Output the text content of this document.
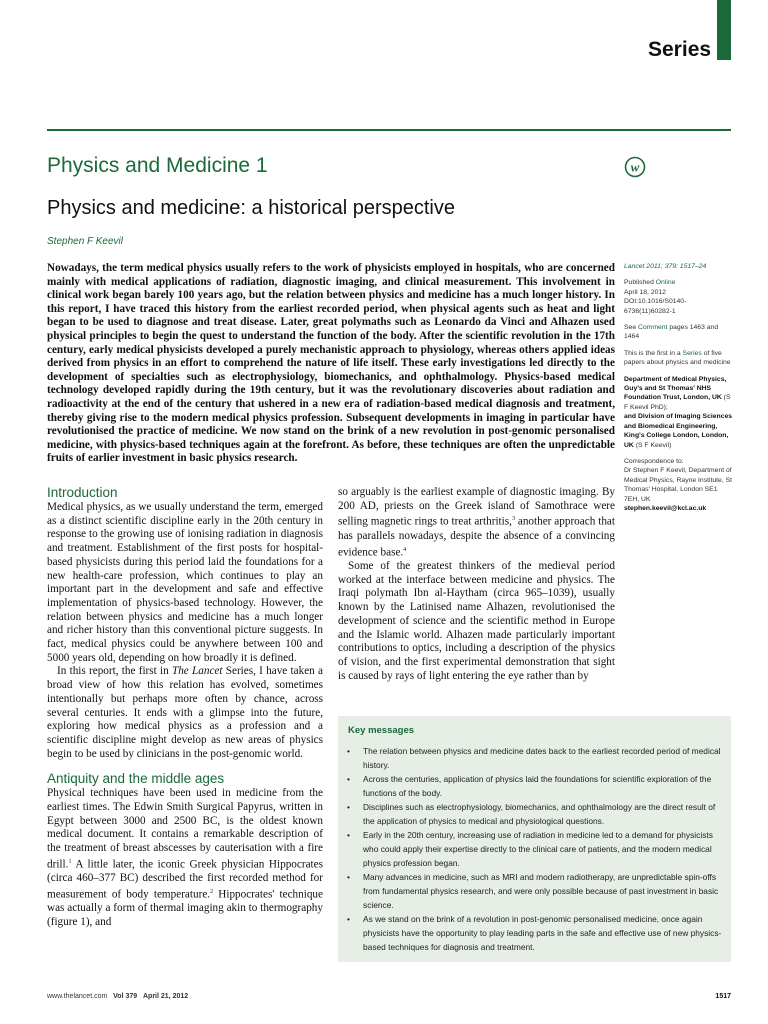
Series
Physics and Medicine 1	w
Physics and medicine: a historical perspective
Stephen F Keevil
Nowadays, the term medical physics usually refers to the work of physicists employed in hospitals, who are concerned mainly with medical applications of radiation, diagnostic imaging, and clinical measurement. This involvement in clinical work began barely 100 years ago, but the relation between physics and medicine has a much longer history. In this report, I have traced this history from the earliest recorded period, when physical agents such as heat and light began to be used to diagnose and treat disease. Later, great polymaths such as Leonardo da Vinci and Alhazen used physical principles to begin the quest to understand the function of the body. After the scientific revolution in the 17th century, early medical physicists developed a purely mechanistic approach to physiology, whereas others applied ideas derived from physics in an effort to comprehend the nature of life itself. These early investigations led directly to the development of specialties such as electrophysiology, biomechanics, and ophthalmology. Physics-based medical technology developed rapidly during the 19th century, but it was the revolutionary discoveries about radiation and radioactivity at the end of the century that ushered in a new era of radiation-based medical diagnosis and treatment, thereby giving rise to the modern medical physics profession. Subsequent developments in imaging in particular have revolutionised the practice of medicine. We now stand on the brink of a new revolution in post-genomic personalised medicine, with physics-based techniques again at the forefront. As before, these techniques are often the unpredictable fruits of earlier investment in basic physics research.
Introduction

Medical physics, as we usually understand the term, emerged as a distinct scientific discipline early in the 20th century in response to the growing use of ionising radiation in diagnosis and treatment. Establishment of the first posts for hospital-based physicists during this period laid the foundations for a new health-care profession, which continues to play an important part in the development and safe and effective implementation of physics-based technology. However, the relation between physics and medicine has a much longer and richer history than this conventional picture suggests. In fact, medical physics could be anywhere between 100 and 5000 years old, depending on how broadly it is defined.

In this report, the first in The Lancet Series, I have taken a broad view of how this relation has evolved, sometimes intentionally but perhaps more often by chance, across several centuries. It ends with a glimpse into the future, exploring how medical physics as a profession and a scientific discipline might develop as new areas of physics begin to be used by clinicians in the post-genomic world.

Antiquity and the middle ages

Physical techniques have been used in medicine from the earliest times. The Edwin Smith Surgical Papyrus, written in Egypt between 3000 and 2500 BC, is the oldest known medical document. It contains a remarkable description of the treatment of breast abscesses by cauterisation with a fire drill.$^1$ A little later, the iconic Greek physician Hippocrates (circa 460–377 BC) described the first recorded method for measurement of body temperature.$^2$ Hippocrates' technique was actually a form of thermal imaging akin to thermography (figure 1), and

so arguably is the earliest example of diagnostic imaging. By 200 AD, priests on the Greek island of Samothrace were selling magnetic rings to treat arthritis,$^3$ another approach that has parallels nowadays, despite the absence of a convincing evidence base.$^4$

Some of the greatest thinkers of the medieval period worked at the interface between medicine and physics. The Iraqi polymath Ibn al-Haytham (circa 965–1039), usually known by the Latinised name Alhazen, revolutionised the development of science and the scientific method in Europe and the Islamic world. Alhazen made particularly important contributions to optics, including a description of the physics of vision, and the first experimental demonstration that sight is caused by rays of light entering the eye rather than by

Lancet 2011; 379: 1517–24

Published Online
April 18, 2012
DOI:10.1016/S0140-6736(11)60282-1

See Comment pages 1463 and 1464

This is the first in a Series of five papers about physics and medicine

Department of Medical Physics, Guy's and St Thomas' NHS Foundation Trust, London, UK (S F Keevil PhD);
and Division of Imaging Sciences and Biomedical Engineering, King's College London, London, UK (S F Keevil)

Correspondence to:
Dr Stephen F Keevil, Department of Medical Physics, Rayne Institute, St Thomas' Hospital, London SE1 7EH, UK
stephen.keevil@kcl.ac.uk

Key messages
• The relation between physics and medicine dates back to the earliest recorded period of medical history.
• Across the centuries, application of physics laid the foundations for scientific exploration of the functions of the body.
• Disciplines such as electrophysiology, biomechanics, and ophthalmology are the direct result of the application of physics to medical and physiological questions.
• Early in the 20th century, increasing use of radiation in medicine led to a demand for physicists who could apply their expertise directly to the clinical care of patients, and the modern medical physics profession began.
• Many advances in medicine, such as MRI and modern radiotherapy, are unpredictable spin-offs from fundamental physics research, and were only possible because of past investment in basic science.
• As we stand on the brink of a revolution in post-genomic personalised medicine, once again physicists have the opportunity to play leading parts in the safe and effective use of new physics-based techniques for diagnosis and treatment.
www.thelancet.com Vol 379 April 21, 2012	1517
